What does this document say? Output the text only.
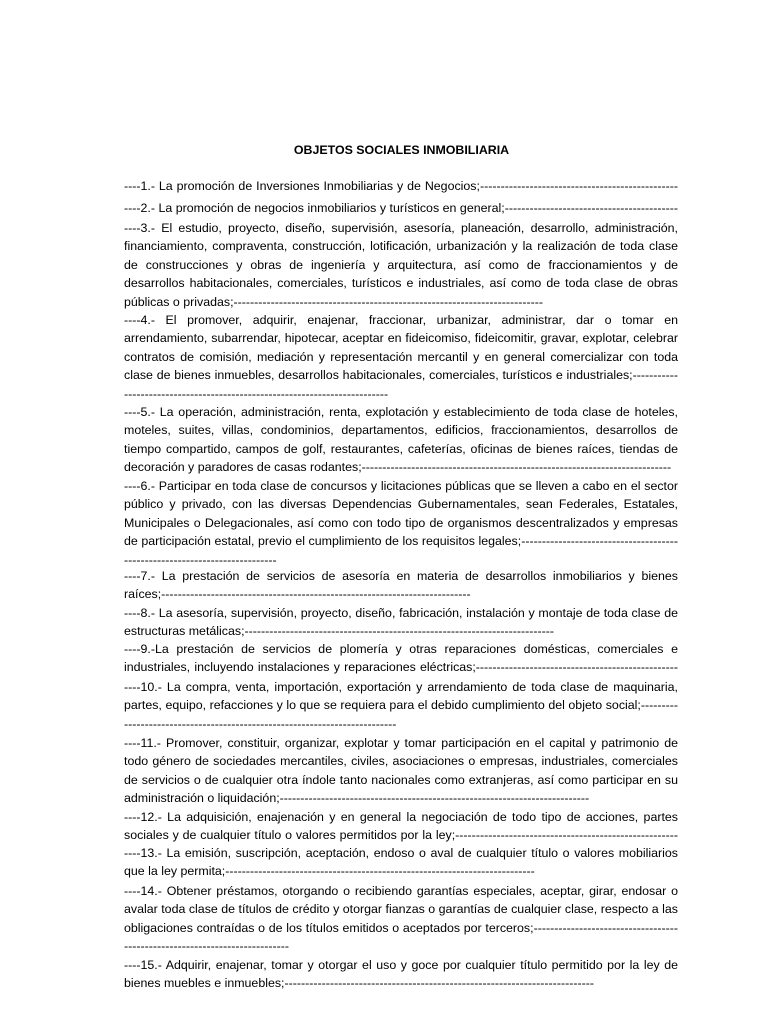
OBJETOS SOCIALES INMOBILIARIA
----1.- La promoción de Inversiones Inmobiliarias y de Negocios;------------------------------------------------
----2.- La promoción de negocios inmobiliarios y turísticos en general;------------------------------------------
----3.- El estudio, proyecto, diseño, supervisión, asesoría, planeación, desarrollo, administración, financiamiento, compraventa, construcción, lotificación, urbanización y la realización de toda clase de construcciones y obras de ingeniería y arquitectura, así como de fraccionamientos y de desarrollos habitacionales, comerciales, turísticos e industriales, así como de toda clase de obras públicas o privadas;---------------------------------------------------------------------------
----4.- El promover, adquirir, enajenar, fraccionar, urbanizar, administrar, dar o tomar en arrendamiento, subarrendar, hipotecar, aceptar en fideicomiso, fideicomitir, gravar, explotar, celebrar contratos de comisión, mediación y representación mercantil y en general comercializar con toda clase de bienes inmuebles, desarrollos habitacionales, comerciales, turísticos e industriales;---------------------------------------------------------------------------
----5.- La operación, administración, renta, explotación y establecimiento de toda clase de hoteles, moteles, suites, villas, condominios, departamentos, edificios, fraccionamientos, desarrollos de tiempo compartido, campos de golf, restaurantes, cafeterías, oficinas de bienes raíces, tiendas de decoración y paradores de casas rodantes;---------------------------------------------------------------------------
----6.- Participar en toda clase de concursos y licitaciones públicas que se lleven a cabo en el sector público y privado, con las diversas Dependencias Gubernamentales, sean Federales, Estatales, Municipales o Delegacionales, así como con todo tipo de organismos descentralizados y empresas de participación estatal, previo el cumplimiento de los requisitos legales;---------------------------------------------------------------------------
----7.- La prestación de servicios de asesoría en materia de desarrollos inmobiliarios y bienes raíces;---------------------------------------------------------------------------
----8.- La asesoría, supervisión, proyecto, diseño, fabricación, instalación y montaje de toda clase de estructuras metálicas;---------------------------------------------------------------------------
----9.-La prestación de servicios de plomería y otras reparaciones domésticas, comerciales e industriales, incluyendo instalaciones y reparaciones eléctricas;-------------------------------------------------
----10.- La compra, venta, importación, exportación y arrendamiento de toda clase de maquinaria, partes, equipo, refacciones y lo que se requiera para el debido cumplimiento del objeto social;---------------------------------------------------------------------------
----11.- Promover, constituir, organizar, explotar y tomar participación en el capital y patrimonio de todo género de sociedades mercantiles, civiles, asociaciones o empresas, industriales, comerciales de servicios o de cualquier otra índole tanto nacionales como extranjeras, así como participar en su administración o liquidación;---------------------------------------------------------------------------
----12.- La adquisición, enajenación y en general la negociación de todo tipo de acciones, partes sociales y de cualquier título o valores permitidos por la ley;------------------------------------------------------
----13.- La emisión, suscripción, aceptación, endoso o aval de cualquier título o valores mobiliarios que la ley permita;---------------------------------------------------------------------------
----14.- Obtener préstamos, otorgando o recibiendo garantías especiales, aceptar, girar, endosar o avalar toda clase de títulos de crédito y otorgar fianzas o garantías de cualquier clase, respecto a las obligaciones contraídas o de los títulos emitidos o aceptados por terceros;---------------------------------------------------------------------------
----15.- Adquirir, enajenar, tomar y otorgar el uso y goce por cualquier título permitido por la ley de bienes muebles e inmuebles;---------------------------------------------------------------------------
